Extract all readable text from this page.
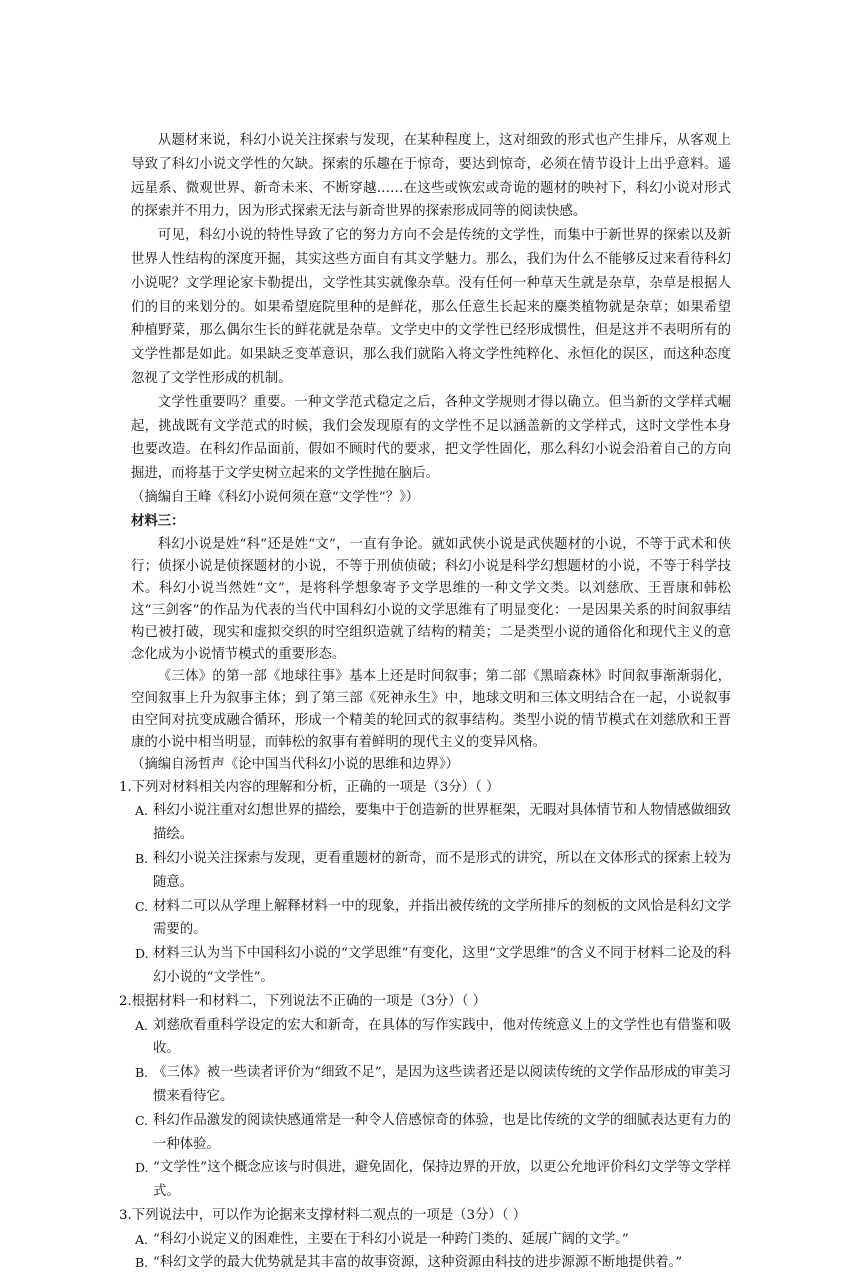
从题材来说，科幻小说关注探索与发现，在某种程度上，这对细致的形式也产生排斥，从客观上导致了科幻小说文学性的欠缺。探索的乐趣在于惊奇，要达到惊奇，必须在情节设计上出乎意料。遥远星系、微观世界、新奇未来、不断穿越……在这些或恢宏或奇诡的题材的映衬下，科幻小说对形式的探索并不用力，因为形式探索无法与新奇世界的探索形成同等的阅读快感。

可见，科幻小说的特性导致了它的努力方向不会是传统的文学性，而集中于新世界的探索以及新世界人性结构的深度开掘，其实这些方面自有其文学魅力。那么，我们为什么不能够反过来看待科幻小说呢？文学理论家卡勒提出，文学性其实就像杂草。没有任何一种草天生就是杂草，杂草是根据人们的目的来划分的。如果希望庭院里种的是鲜花，那么任意生长起来的麋类植物就是杂草；如果希望种植野菜，那么偶尔生长的鲜花就是杂草。文学史中的文学性已经形成惯性，但是这并不表明所有的文学性都是如此。如果缺乏变革意识，那么我们就陷入将文学性纯粹化、永恒化的误区，而这种态度忽视了文学性形成的机制。

文学性重要吗？重要。一种文学范式稳定之后，各种文学规则才得以确立。但当新的文学样式崛起，挑战既有文学范式的时候，我们会发现原有的文学性不足以涵盖新的文学样式，这时文学性本身也要改造。在科幻作品面前，假如不顾时代的要求，把文学性固化，那么科幻小说会沿着自己的方向掘进，而将基于文学史树立起来的文学性抛在脑后。

（摘编自王峰《科幻小说何须在意“文学性”？》）

材料三：

科幻小说是姓“科”还是姓“文”，一直有争论。就如武侠小说是武侠题材的小说，不等于武术和侠行；侦探小说是侦探题材的小说，不等于刑侦侦破；科幻小说是科学幻想题材的小说，不等于科学技术。科幻小说当然姓“文”，是将科学想象寄予文学思维的一种文学文类。以刘慈欣、王晋康和韩松这“三剑客”的作品为代表的当代中国科幻小说的文学思维有了明显变化：一是因果关系的时间叙事结构已被打破，现实和虚拟交织的时空组织造就了结构的精美；二是类型小说的通俗化和现代主义的意念化成为小说情节模式的重要形态。

《三体》的第一部《地球往事》基本上还是时间叙事；第二部《黑暗森林》时间叙事渐渐弱化，空间叙事上升为叙事主体；到了第三部《死神永生》中，地球文明和三体文明结合在一起，小说叙事由空间对抗变成融合循环，形成一个精美的轮回式的叙事结构。类型小说的情节模式在刘慈欣和王晋康的小说中相当明显，而韩松的叙事有着鲜明的现代主义的变异风格。

（摘编自汤哲声《论中国当代科幻小说的思维和边界》）

1.下列对材料相关内容的理解和分析，正确的一项是（3分）（ ）

A. 科幻小说注重对幻想世界的描绘，要集中于创造新的世界框架，无暇对具体情节和人物情感做细致描绘。
B. 科幻小说关注探索与发现，更看重题材的新奇，而不是形式的讲究，所以在文体形式的探索上较为随意。
C. 材料二可以从学理上解释材料一中的现象，并指出被传统的文学所排斥的刻板的文风恰是科幻文学需要的。
D. 材料三认为当下中国科幻小说的“文学思维”有变化，这里“文学思维”的含义不同于材料二论及的科幻小说的“文学性”。

2.根据材料一和材料二，下列说法不正确的一项是（3分）（ ）

A. 刘慈欣看重科学设定的宏大和新奇，在具体的写作实践中，他对传统意义上的文学性也有借鉴和吸收。
B. 《三体》被一些读者评价为“细致不足”，是因为这些读者还是以阅读传统的文学作品形成的审美习惯来看待它。
C. 科幻作品激发的阅读快感通常是一种令人倍感惊奇的体验，也是比传统的文学的细腻表达更有力的一种体验。
D. “文学性”这个概念应该与时俱进，避免固化，保持边界的开放，以更公允地评价科幻文学等文学样式。

3.下列说法中，可以作为论据来支撑材料二观点的一项是（3分）（ ）

A. “科幻小说定义的困难性，主要在于科幻小说是一种跨门类的、延展广阔的文学。”
B. “科幻文学的最大优势就是其丰富的故事资源，这种资源由科技的进步源源不断地提供着。”
